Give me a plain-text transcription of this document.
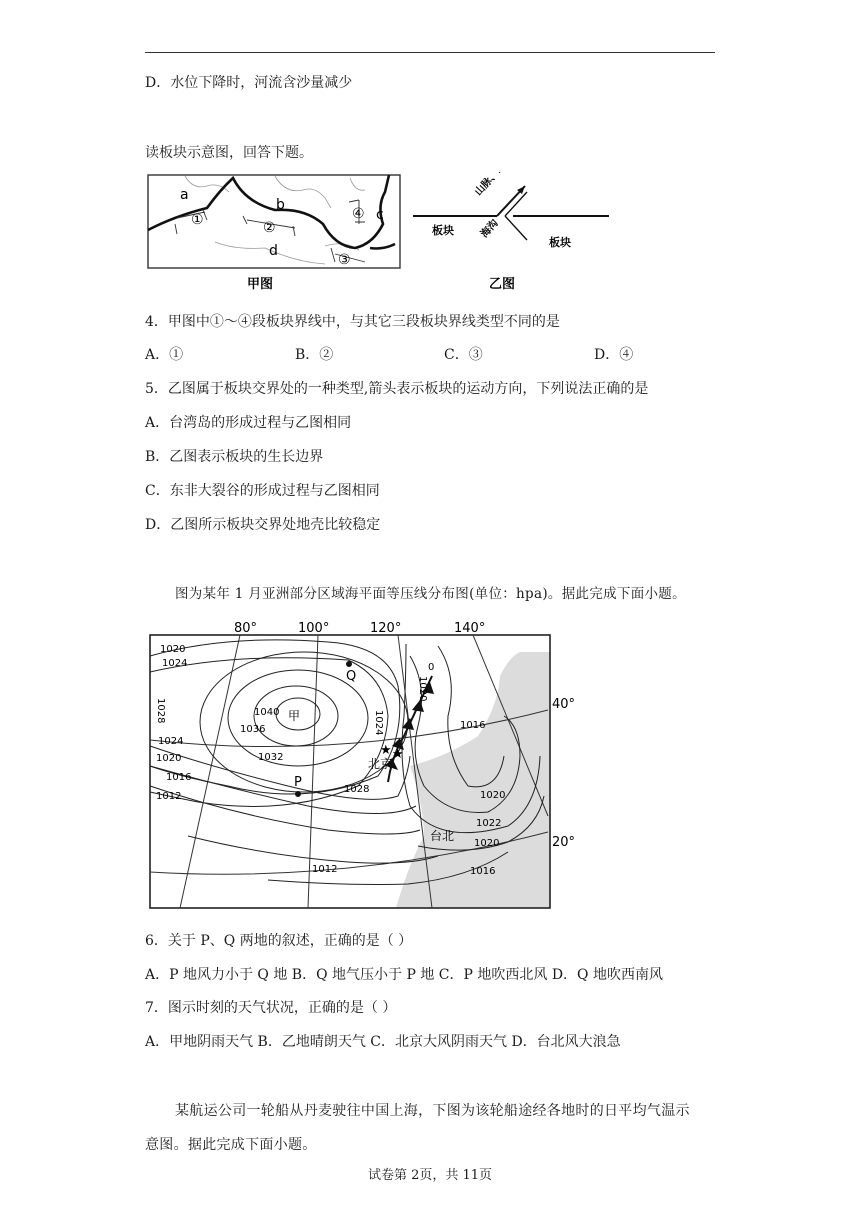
D．水位下降时，河流含沙量减少
读板块示意图，回答下题。
a
b
c
d
①	②
③
④
甲图
山脉、岛
海沟
板块
板块
乙图
4．甲图中①～④段板块界线中，与其它三段板块界线类型不同的是
A．①	B．②	C．③	D．④
5．乙图属于板块交界处的一种类型,箭头表示板块的运动方向，下列说法正确的是
A．台湾岛的形成过程与乙图相同
B．乙图表示板块的生长边界
C．东非大裂谷的形成过程与乙图相同
D．乙图所示板块交界处地壳比较稳定
图为某年 1 月亚洲部分区域海平面等压线分布图(单位：hpa)。据此完成下面小题。
★ ★
80°	100°	120°	140°
40°
20°
1020
1024
1028
1024
1020
1016
1012
1040
1036
1032
1028
1024
1020
1016
1020
1022
1020
1012	1016
0
甲
P
Q
北京
台北
6．关于 P、Q 两地的叙述，正确的是（ ）
A．P 地风力小于 Q 地 B．Q 地气压小于 P 地 C．P 地吹西北风 D．Q 地吹西南风
7．图示时刻的天气状况，正确的是（ ）
A．甲地阴雨天气 B．乙地晴朗天气 C．北京大风阴雨天气 D．台北风大浪急
某航运公司一轮船从丹麦驶往中国上海，下图为该轮船途经各地时的日平均气温示
意图。据此完成下面小题。
试卷第 2页，共 11页
